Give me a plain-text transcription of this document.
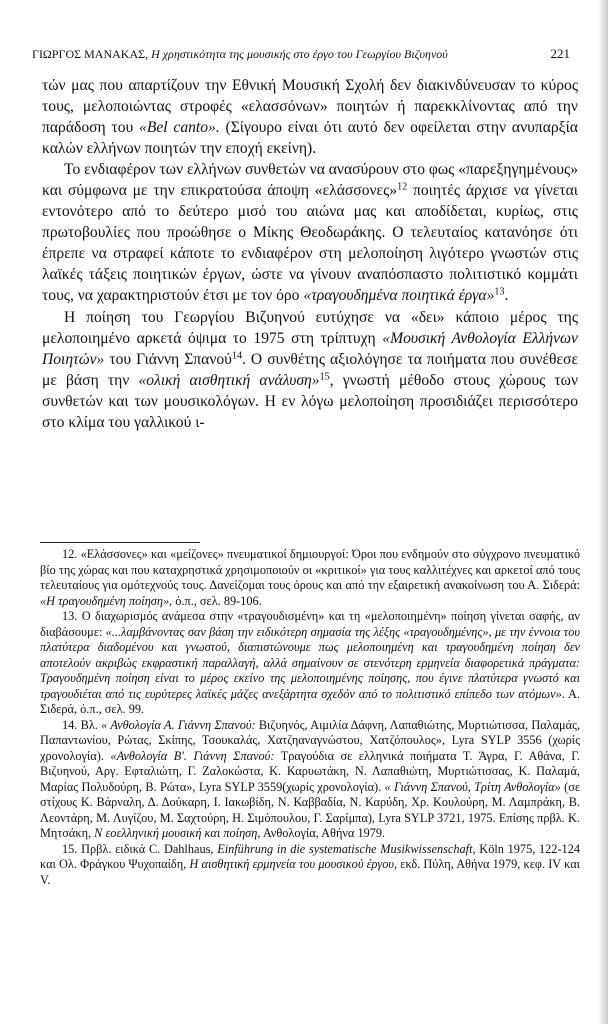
ΓΙΩΡΓΟΣ ΜΑΝΑΚΑΣ, Η χρηστικότητα της μουσικής στο έργο του Γεωργίου Βιζυηνού	221

τών μας που απαρτίζουν την Εθνική Μουσική Σχολή δεν διακινδύνευσαν το κύρος τους, μελοποιώντας στροφές «ελασσόνων» ποιητών ή παρεκκλίνοντας από την παράδοση του «Bel canto». (Σίγουρο είναι ότι αυτό δεν οφείλεται στην ανυπαρξία καλών ελλήνων ποιητών την εποχή εκείνη).

Το ενδιαφέρον των ελλήνων συνθετών να ανασύρουν στο φως «παρεξηγημένους» και σύμφωνα με την επικρατούσα άποψη «ελάσσονες»$^{12}$ ποιητές άρχισε να γίνεται εντονότερο από το δεύτερο μισό του αιώνα μας και αποδίδεται, κυρίως, στις πρωτοβουλίες που προώθησε ο Μίκης Θεοδωράκης. Ο τελευταίος κατανόησε ότι έπρεπε να στραφεί κάποτε το ενδιαφέρον στη μελοποίηση λιγότερο γνωστών στις λαϊκές τάξεις ποιητικών έργων, ώστε να γίνουν αναπόσπαστο πολιτιστικό κομμάτι τους, να χαρακτηριστούν έτσι με τον όρο «τραγουδημένα ποιητικά έργα»$^{13}$.

Η ποίηση του Γεωργίου Βιζυηνού ευτύχησε να «δει» κάποιο μέρος της μελοποιημένο αρκετά όψιμα το 1975 στη τρίπτυχη «Μουσική Ανθολογία Ελλήνων Ποιητών» του Γιάννη Σπανού$^{14}$. Ο συνθέτης αξιολόγησε τα ποιήματα που συνέθεσε με βάση την «ολική αισθητική ανάλυση»$^{15}$, γνωστή μέθοδο στους χώρους των συνθετών και των μουσικολόγων. Η εν λόγω μελοποίηση προσιδιάζει περισσότερο στο κλίμα του γαλλικού ι-

12. «Ελάσσονες» και «μείζονες» πνευματικοί δημιουργοί: Όροι που ενδημούν στο σύγχρονο πνευματικό βίο της χώρας και που καταχρηστικά χρησιμοποιούν οι «κριτικοί» για τους καλλιτέχνες και αρκετοί από τους τελευταίους για ομότεχνούς τους. Δανείζομαι τους όρους και από την εξαιρετική ανακοίνωση του Α. Σιδερά: «Η τραγουδημένη ποίηση», ό.π., σελ. 89-106.

13. Ο διαχωρισμός ανάμεσα στην «τραγουδισμένη» και τη «μελοποιημένη» ποίηση γίνεται σαφής, αν διαβάσουμε: «...λαμβάνοντας σαν βάση την ειδικότερη σημασία της λέξης «τραγουδημένης», με την έννοια του πλατύτερα διαδομένου και γνωστού, διαπιστώνουμε πως μελοποιημένη και τραγουδημένη ποίηση δεν αποτελούν ακριβώς εκφραστική παραλλαγή, αλλά σημαίνουν σε στενότερη ερμηνεία διαφορετικά πράγματα: Τραγουδημένη ποίηση είναι το μέρος εκείνο της μελοποιημένης ποίησης, που έγινε πλατύτερα γνωστό και τραγουδιέται από τις ευρύτερες λαϊκές μάζες ανεξάρτητα σχεδόν από το πολιτιστικό επίπεδο των ατόμων». Α. Σιδερά, ό.π., σελ. 99.

14. Βλ. « Ανθολογία Α. Γιάννη Σπανού: Βιζυηνός, Αιμιλία Δάφνη, Λαπαθιώτης, Μυρτιώτισσα, Παλαμάς, Παπαντωνίου, Ρώτας, Σκίπης, Τσουκαλάς, Χατζηαναγνώστου, Χατζόπουλος», Lyra SYLP 3556 (χωρίς χρονολογία). «Ανθολογία Β'. Γιάννη Σπανού: Τραγούδια σε ελληνικά ποιήματα Τ. Άγρα, Γ. Αθάνα, Γ. Βιζυηνού, Αργ. Εφταλιώτη, Γ. Ζαλοκώστα, Κ. Καρυωτάκη, Ν. Λαπαθιώτη, Μυρτιώτισσας, Κ. Παλαμά, Μαρίας Πολυδούρη, Β. Ρώτα», Lyra SYLP 3559(χωρίς χρονολογία). « Γιάννη Σπανού, Τρίτη Ανθολογία» (σε στίχους Κ. Βάρναλη, Δ. Δούκαρη, Ι. Ιακωβίδη, Ν. Καββαδία, Ν. Καρύδη, Χρ. Κουλούρη, Μ. Λαμπράκη, Β. Λεοντάρη, Μ. Λυγίζου, Μ. Σαχτούρη, Η. Σιμόπουλου, Γ. Σαρίμπα), Lyra SYLP 3721, 1975. Επίσης πρβλ. Κ. Μητσάκη, Ν εοελληνική μουσική και ποίηση, Ανθολογία, Αθήνα 1979.

15. Πρβλ. ειδικά C. Dahlhaus, Einführung in die systematische Musikwissenschaft, Köln 1975, 122-124 και Ολ. Φράγκου Ψυχοπαίδη, Η αισθητική ερμηνεία του μουσικού έργου, εκδ. Πύλη, Αθήνα 1979, κεφ. IV και V.
